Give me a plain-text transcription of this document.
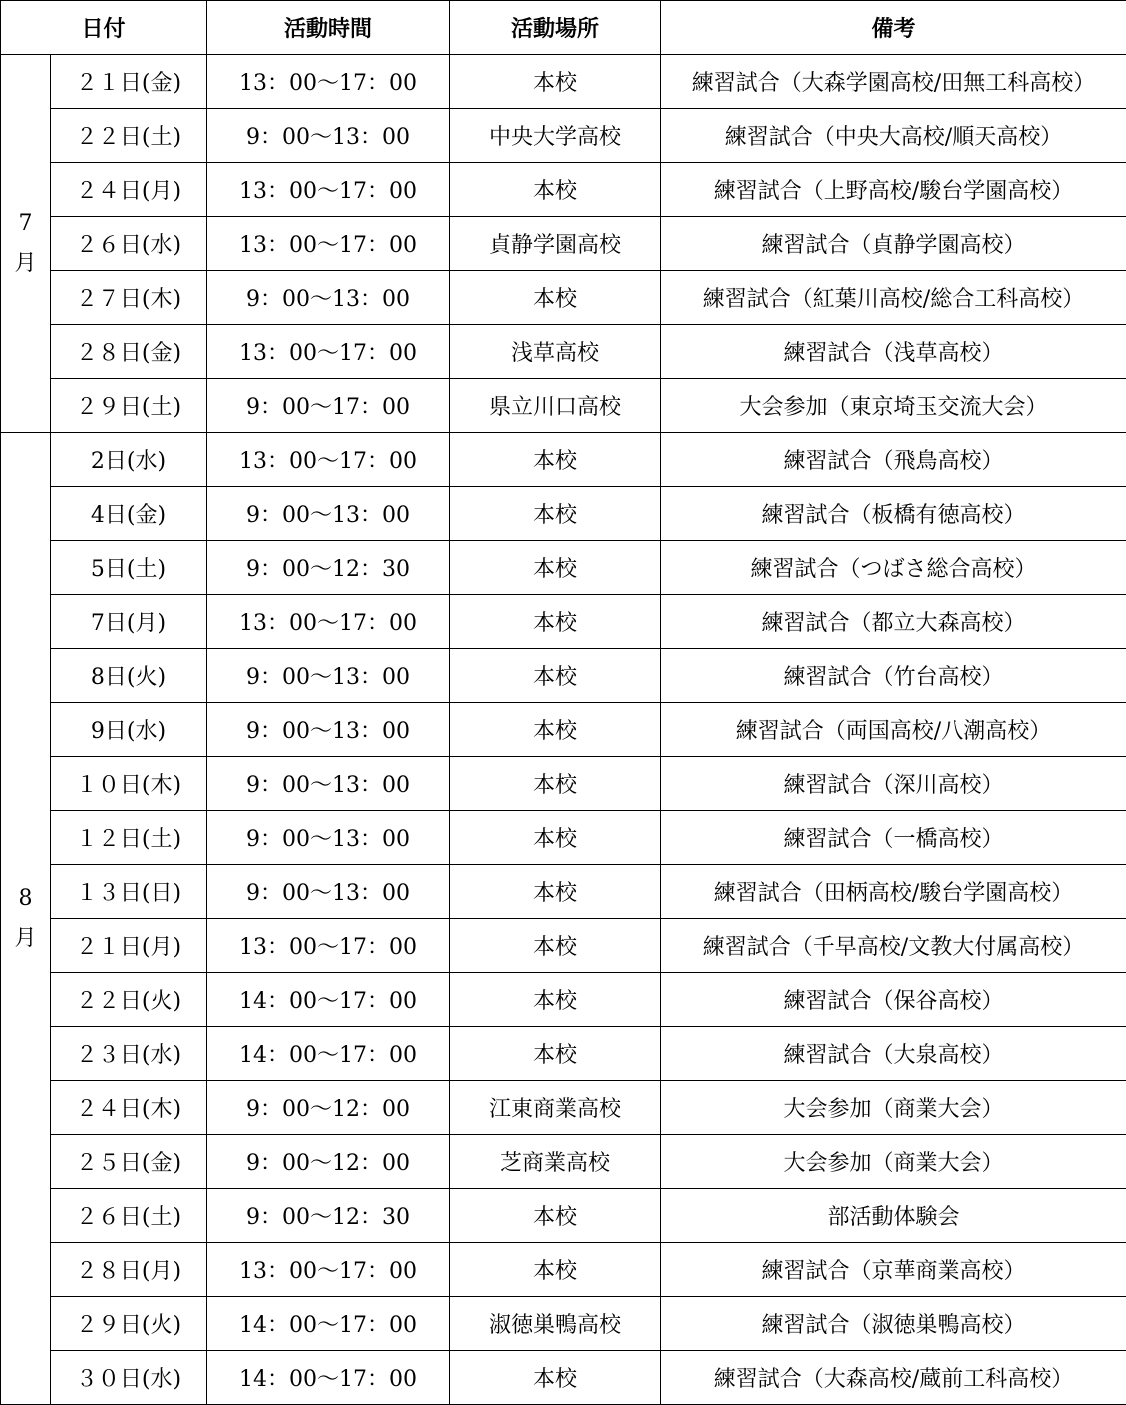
日付		活動時間	活動場所	備考

7
月	２１日(金)	13：00～17：00	本校	練習試合（大森学園高校/田無工科高校）
	２２日(土)	9：00～13：00	中央大学高校	練習試合（中央大高校/順天高校）
	２４日(月)	13：00～17：00	本校	練習試合（上野高校/駿台学園高校）
	２６日(水)	13：00～17：00	貞静学園高校	練習試合（貞静学園高校）
	２７日(木)	9：00～13：00	本校	練習試合（紅葉川高校/総合工科高校）
	２８日(金)	13：00～17：00	浅草高校	練習試合（浅草高校）
	２９日(土)	9：00～17：00	県立川口高校	大会参加（東京埼玉交流大会）

8
月	2日(水)	13：00～17：00	本校	練習試合（飛鳥高校）
	4日(金)	9：00～13：00	本校	練習試合（板橋有徳高校）
	5日(土)	9：00～12：30	本校	練習試合（つばさ総合高校）
	7日(月)	13：00～17：00	本校	練習試合（都立大森高校）
	8日(火)	9：00～13：00	本校	練習試合（竹台高校）
	9日(水)	9：00～13：00	本校	練習試合（両国高校/八潮高校）
	１０日(木)	9：00～13：00	本校	練習試合（深川高校）
	１２日(土)	9：00～13：00	本校	練習試合（一橋高校）
	１３日(日)	9：00～13：00	本校	練習試合（田柄高校/駿台学園高校）
	２１日(月)	13：00～17：00	本校	練習試合（千早高校/文教大付属高校）
	２２日(火)	14：00～17：00	本校	練習試合（保谷高校）
	２３日(水)	14：00～17：00	本校	練習試合（大泉高校）
	２４日(木)	9：00～12：00	江東商業高校	大会参加（商業大会）
	２５日(金)	9：00～12：00	芝商業高校	大会参加（商業大会）
	２６日(土)	9：00～12：30	本校	部活動体験会
	２８日(月)	13：00～17：00	本校	練習試合（京華商業高校）
	２９日(火)	14：00～17：00	淑徳巣鴨高校	練習試合（淑徳巣鴨高校）
	３０日(水)	14：00～17：00	本校	練習試合（大森高校/蔵前工科高校）
